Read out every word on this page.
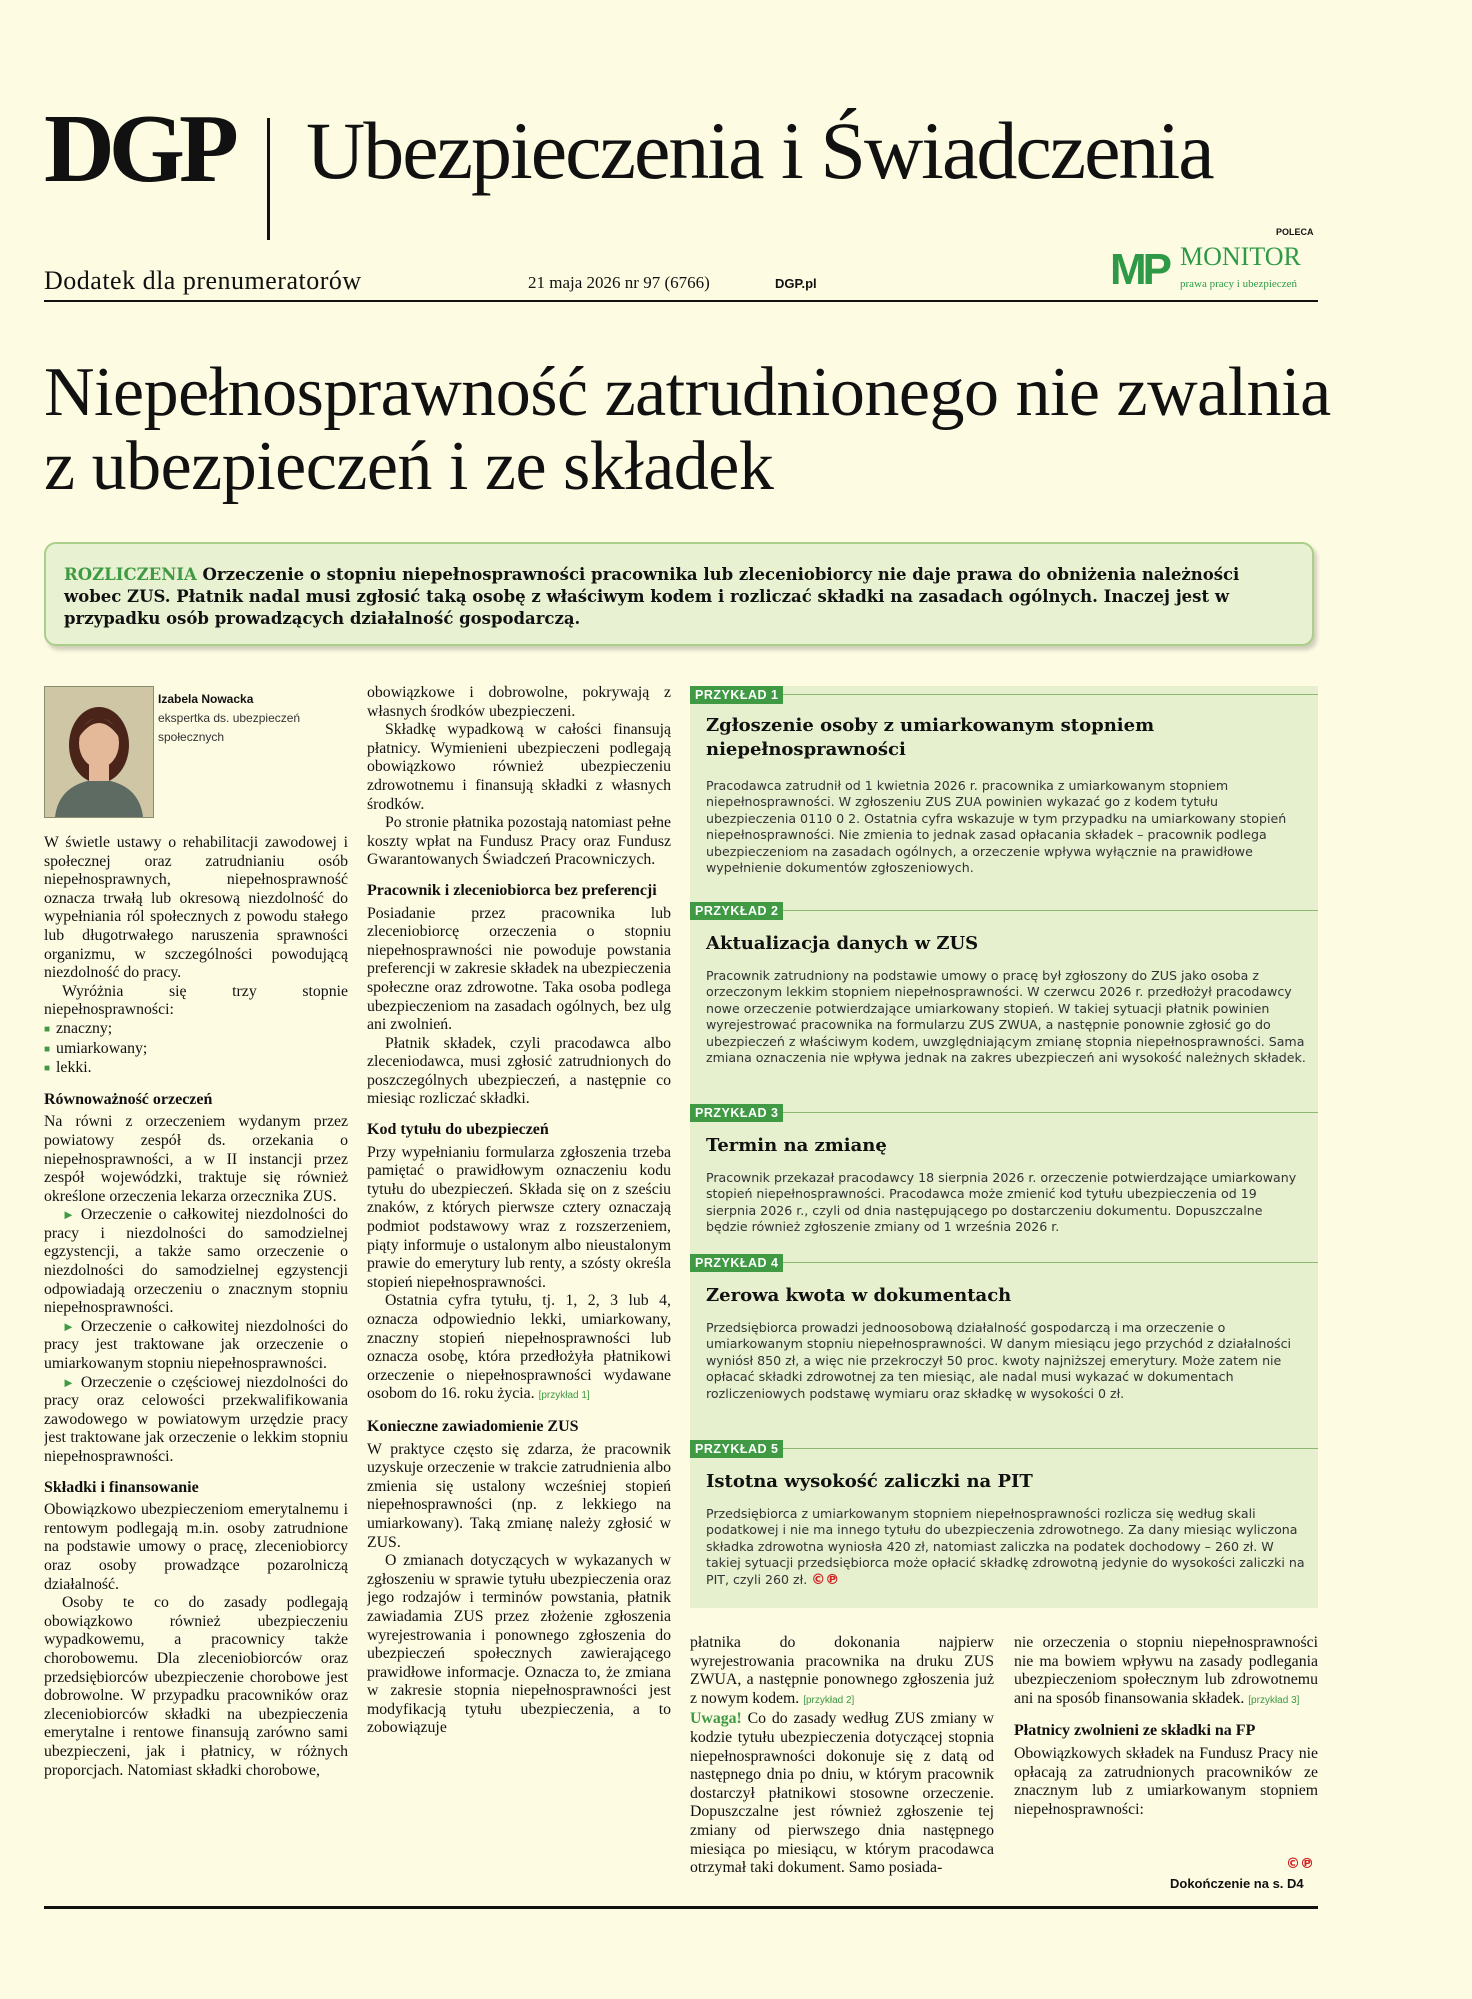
DGP Ubezpieczenia i Świadczenia
Dodatek dla prenumeratorów	21 maja 2026 nr 97 (6766)	DGP.pl
POLECA
MP MONITOR
prawa pracy i ubezpieczeń
Niepełnosprawność zatrudnionego nie zwalnia z ubezpieczeń i ze składek
ROZLICZENIA Orzeczenie o stopniu niepełnosprawności pracownika lub zleceniobiorcy nie daje prawa do obniżenia należności wobec ZUS. Płatnik nadal musi zgłosić taką osobę z właściwym kodem i rozliczać składki na zasadach ogólnych. Inaczej jest w przypadku osób prowadzących działalność gospodarczą.
Izabela Nowacka
ekspertka ds. ubezpieczeń społecznych

W świetle ustawy o rehabilitacji zawodowej i społecznej oraz zatrudnianiu osób niepełnosprawnych, niepełnosprawność oznacza trwałą lub okresową niezdolność do wypełniania ról społecznych z powodu stałego lub długotrwałego naruszenia sprawności organizmu, w szczególności powodującą niezdolność do pracy.

Wyróżnia się trzy stopnie niepełnosprawności:

■ znaczny;
■ umiarkowany;
■ lekki.
Równoważność orzeczeń

Na równi z orzeczeniem wydanym przez powiatowy zespół ds. orzekania o niepełnosprawności, a w II instancji przez zespół wojewódzki, traktuje się również określone orzeczenia lekarza orzecznika ZUS.

► Orzeczenie o całkowitej niezdolności do pracy i niezdolności do samodzielnej egzystencji, a także samo orzeczenie o niezdolności do samodzielnej egzystencji odpowiadają orzeczeniu o znacznym stopniu niepełnosprawności.

► Orzeczenie o całkowitej niezdolności do pracy jest traktowane jak orzeczenie o umiarkowanym stopniu niepełnosprawności.

► Orzeczenie o częściowej niezdolności do pracy oraz celowości przekwalifikowania zawodowego w powiatowym urzędzie pracy jest traktowane jak orzeczenie o lekkim stopniu niepełnosprawności.

Składki i finansowanie

Obowiązkowo ubezpieczeniom emerytalnemu i rentowym podlegają m.in. osoby zatrudnione na podstawie umowy o pracę, zleceniobiorcy oraz osoby prowadzące pozarolniczą działalność.

Osoby te co do zasady podlegają obowiązkowo również ubezpieczeniu wypadkowemu, a pracownicy także chorobowemu. Dla zleceniobiorców oraz przedsiębiorców ubezpieczenie chorobowe jest dobrowolne. W przypadku pracowników oraz zleceniobiorców składki na ubezpieczenia emerytalne i rentowe finansują zarówno sami ubezpieczeni, jak i płatnicy, w różnych proporcjach. Natomiast składki chorobowe,

obowiązkowe i dobrowolne, pokrywają z własnych środków ubezpieczeni.

Składkę wypadkową w całości finansują płatnicy. Wymienieni ubezpieczeni podlegają obowiązkowo również ubezpieczeniu zdrowotnemu i finansują składki z własnych środków.

Po stronie płatnika pozostają natomiast pełne koszty wpłat na Fundusz Pracy oraz Fundusz Gwarantowanych Świadczeń Pracowniczych.

Pracownik i zleceniobiorca bez preferencji

Posiadanie przez pracownika lub zleceniobiorcę orzeczenia o stopniu niepełnosprawności nie powoduje powstania preferencji w zakresie składek na ubezpieczenia społeczne oraz zdrowotne. Taka osoba podlega ubezpieczeniom na zasadach ogólnych, bez ulg ani zwolnień.

Płatnik składek, czyli pracodawca albo zleceniodawca, musi zgłosić zatrudnionych do poszczególnych ubezpieczeń, a następnie co miesiąc rozliczać składki.

Kod tytułu do ubezpieczeń

Przy wypełnianiu formularza zgłoszenia trzeba pamiętać o prawidłowym oznaczeniu kodu tytułu do ubezpieczeń. Składa się on z sześciu znaków, z których pierwsze cztery oznaczają podmiot podstawowy wraz z rozszerzeniem, piąty informuje o ustalonym albo nieustalonym prawie do emerytury lub renty, a szósty określa stopień niepełnosprawności.

Ostatnia cyfra tytułu, tj. 1, 2, 3 lub 4, oznacza odpowiednio lekki, umiarkowany, znaczny stopień niepełnosprawności lub oznacza osobę, która przedłożyła płatnikowi orzeczenie o niepełnosprawności wydawane osobom do 16. roku życia. [przykład 1]

Konieczne zawiadomienie ZUS

W praktyce często się zdarza, że pracownik uzyskuje orzeczenie w trakcie zatrudnienia albo zmienia się ustalony wcześniej stopień niepełnosprawności (np. z lekkiego na umiarkowany). Taką zmianę należy zgłosić w ZUS.

O zmianach dotyczących w wykazanych w zgłoszeniu w sprawie tytułu ubezpieczenia oraz jego rodzajów i terminów powstania, płatnik zawiadamia ZUS przez złożenie zgłoszenia wyrejestrowania i ponownego zgłoszenia do ubezpieczeń społecznych zawierającego prawidłowe informacje. Oznacza to, że zmiana w zakresie stopnia niepełnosprawności jest modyfikacją tytułu ubezpieczenia, a to zobowiązuje

PRZYKŁAD 1
Zgłoszenie osoby z umiarkowanym stopniem niepełnosprawności
Pracodawca zatrudnił od 1 kwietnia 2026 r. pracownika z umiarkowanym stopniem niepełnosprawności. W zgłoszeniu ZUS ZUA powinien wykazać go z kodem tytułu ubezpieczenia 0110 0 2. Ostatnia cyfra wskazuje w tym przypadku na umiarkowany stopień niepełnosprawności. Nie zmienia to jednak zasad opłacania składek – pracownik podlega ubezpieczeniom na zasadach ogólnych, a orzeczenie wpływa wyłącznie na prawidłowe wypełnienie dokumentów zgłoszeniowych.
PRZYKŁAD 2
Aktualizacja danych w ZUS
Pracownik zatrudniony na podstawie umowy o pracę był zgłoszony do ZUS jako osoba z orzeczonym lekkim stopniem niepełnosprawności. W czerwcu 2026 r. przedłożył pracodawcy nowe orzeczenie potwierdzające umiarkowany stopień. W takiej sytuacji płatnik powinien wyrejestrować pracownika na formularzu ZUS ZWUA, a następnie ponownie zgłosić go do ubezpieczeń z właściwym kodem, uwzględniającym zmianę stopnia niepełnosprawności. Sama zmiana oznaczenia nie wpływa jednak na zakres ubezpieczeń ani wysokość należnych składek.
PRZYKŁAD 3
Termin na zmianę
Pracownik przekazał pracodawcy 18 sierpnia 2026 r. orzeczenie potwierdzające umiarkowany stopień niepełnosprawności. Pracodawca może zmienić kod tytułu ubezpieczenia od 19 sierpnia 2026 r., czyli od dnia następującego po dostarczeniu dokumentu. Dopuszczalne będzie również zgłoszenie zmiany od 1 września 2026 r.
PRZYKŁAD 4
Zerowa kwota w dokumentach
Przedsiębiorca prowadzi jednoosobową działalność gospodarczą i ma orzeczenie o umiarkowanym stopniu niepełnosprawności. W danym miesiącu jego przychód z działalności wyniósł 850 zł, a więc nie przekroczył 50 proc. kwoty najniższej emerytury. Może zatem nie opłacać składki zdrowotnej za ten miesiąc, ale nadal musi wykazać w dokumentach rozliczeniowych podstawę wymiaru oraz składkę w wysokości 0 zł.
PRZYKŁAD 5
Istotna wysokość zaliczki na PIT
Przedsiębiorca z umiarkowanym stopniem niepełnosprawności rozlicza się według skali podatkowej i nie ma innego tytułu do ubezpieczenia zdrowotnego. Za dany miesiąc wyliczona składka zdrowotna wyniosła 420 zł, natomiast zaliczka na podatek dochodowy – 260 zł. W takiej sytuacji przedsiębiorca może opłacić składkę zdrowotną jedynie do wysokości zaliczki na PIT, czyli 260 zł. ©℗

płatnika do dokonania najpierw wyrejestrowania pracownika na druku ZUS ZWUA, a następnie ponownego zgłoszenia już z nowym kodem. [przykład 2]

Uwaga! Co do zasady według ZUS zmiany w kodzie tytułu ubezpieczenia dotyczącej stopnia niepełnosprawności dokonuje się z datą od następnego dnia po dniu, w którym pracownik dostarczył płatnikowi stosowne orzeczenie. Dopuszczalne jest również zgłoszenie tej zmiany od pierwszego dnia następnego miesiąca po miesiącu, w którym pracodawca otrzymał taki dokument. Samo posiada-

nie orzeczenia o stopniu niepełnosprawności nie ma bowiem wpływu na zasady podlegania ubezpieczeniom społecznym lub zdrowotnemu ani na sposób finansowania składek. [przykład 3]

Płatnicy zwolnieni ze składki na FP

Obowiązkowych składek na Fundusz Pracy nie opłacają za zatrudnionych pracowników ze znacznym lub z umiarkowanym stopniem niepełnosprawności:

©℗
Dokończenie na s. D4
